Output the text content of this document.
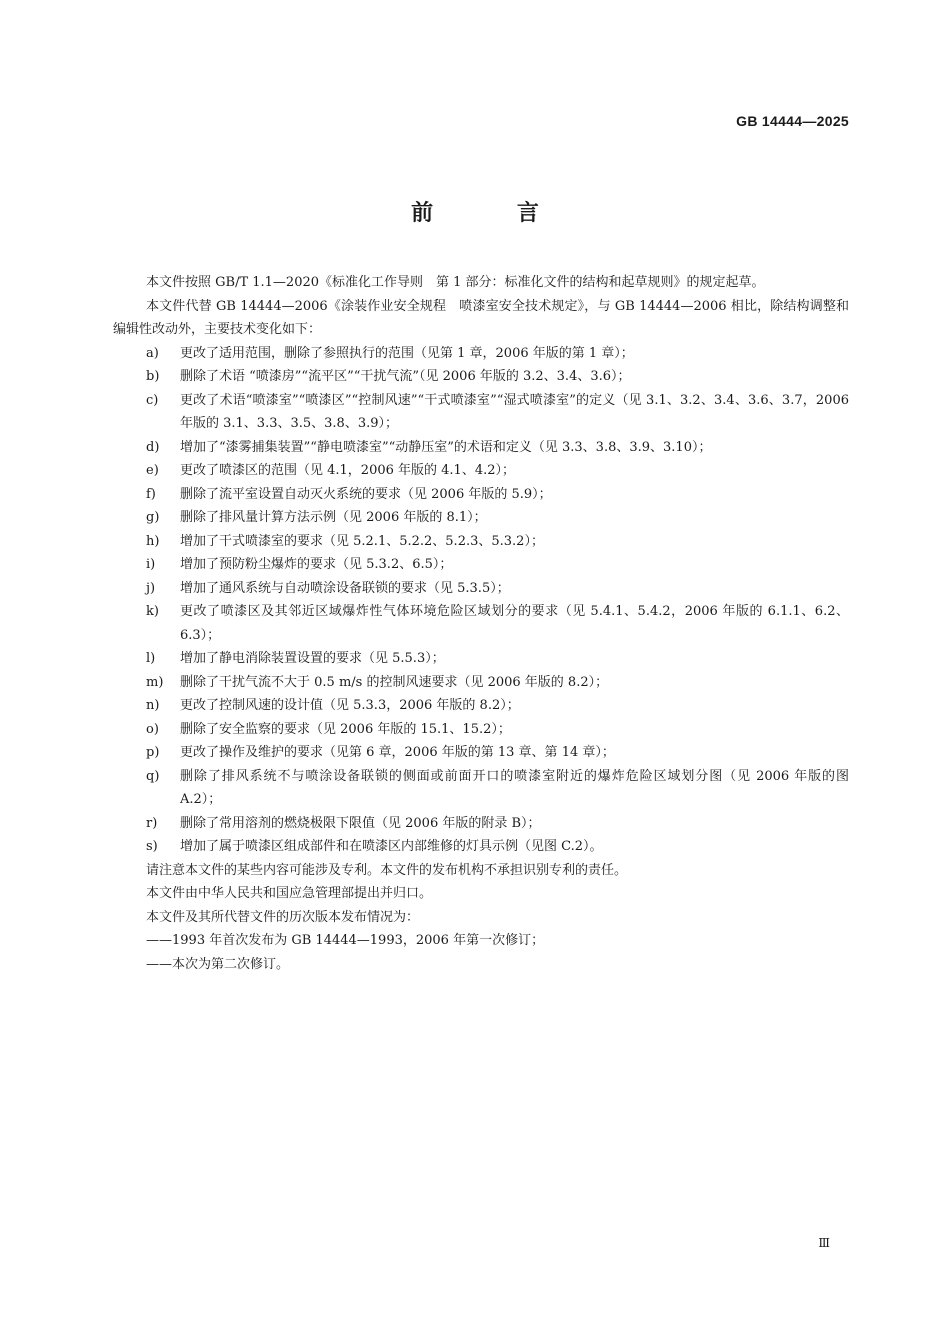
GB 14444—2025
前 言

本文件按照 GB/T 1.1—2020《标准化工作导则　第 1 部分：标准化文件的结构和起草规则》的规定起草。

本文件代替 GB 14444—2006《涂装作业安全规程　喷漆室安全技术规定》，与 GB 14444—2006 相比，除结构调整和编辑性改动外，主要技术变化如下：

a) 更改了适用范围，删除了参照执行的范围（见第 1 章，2006 年版的第 1 章）；

b) 删除了术语 “喷漆房”“流平区”“干扰气流”（见 2006 年版的 3.2、3.4、3.6）；

c) 更改了术语“喷漆室”“喷漆区”“控制风速”“干式喷漆室”“湿式喷漆室”的定义（见 3.1、3.2、3.4、3.6、3.7，2006 年版的 3.1、3.3、3.5、3.8、3.9）；

d) 增加了“漆雾捕集装置”“静电喷漆室”“动静压室”的术语和定义（见 3.3、3.8、3.9、3.10）；

e) 更改了喷漆区的范围（见 4.1，2006 年版的 4.1、4.2）；

f) 删除了流平室设置自动灭火系统的要求（见 2006 年版的 5.9）；

g) 删除了排风量计算方法示例（见 2006 年版的 8.1）；

h) 增加了干式喷漆室的要求（见 5.2.1、5.2.2、5.2.3、5.3.2）；

i) 增加了预防粉尘爆炸的要求（见 5.3.2、6.5）；

j) 增加了通风系统与自动喷涂设备联锁的要求（见 5.3.5）；

k) 更改了喷漆区及其邻近区域爆炸性气体环境危险区域划分的要求（见 5.4.1、5.4.2，2006 年版的 6.1.1、6.2、6.3）；

l) 增加了静电消除装置设置的要求（见 5.5.3）；

m) 删除了干扰气流不大于 0.5 m/s 的控制风速要求（见 2006 年版的 8.2）；

n) 更改了控制风速的设计值（见 5.3.3，2006 年版的 8.2）；

o) 删除了安全监察的要求（见 2006 年版的 15.1、15.2）；

p) 更改了操作及维护的要求（见第 6 章，2006 年版的第 13 章、第 14 章）；

q) 删除了排风系统不与喷涂设备联锁的侧面或前面开口的喷漆室附近的爆炸危险区域划分图（见 2006 年版的图 A.2）；

r) 删除了常用溶剂的燃烧极限下限值（见 2006 年版的附录 B）；

s) 增加了属于喷漆区组成部件和在喷漆区内部维修的灯具示例（见图 C.2）。

请注意本文件的某些内容可能涉及专利。本文件的发布机构不承担识别专利的责任。

本文件由中华人民共和国应急管理部提出并归口。

本文件及其所代替文件的历次版本发布情况为：

——1993 年首次发布为 GB 14444—1993，2006 年第一次修订；

——本次为第二次修订。

Ⅲ
